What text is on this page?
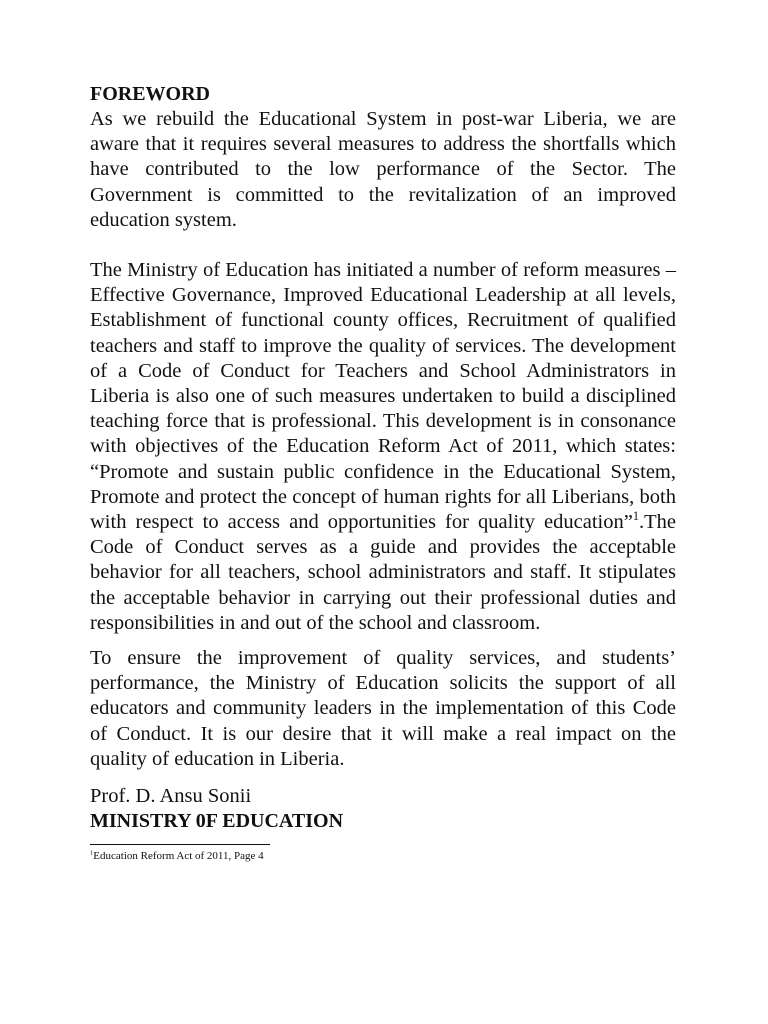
FOREWORD

As we rebuild the Educational System in post-war Liberia, we are aware that it requires several measures to address the shortfalls which have contributed to the low performance of the Sector. The Government is committed to the revitalization of an improved education system.

The Ministry of Education has initiated a number of reform measures – Effective Governance, Improved Educational Leadership at all levels, Establishment of functional county offices, Recruitment of qualified teachers and staff to improve the quality of services. The development of a Code of Conduct for Teachers and School Administrators in Liberia is also one of such measures undertaken to build a disciplined teaching force that is professional. This development is in consonance with objectives of the Education Reform Act of 2011, which states: “Promote and sustain public confidence in the Educational System, Promote and protect the concept of human rights for all Liberians, both with respect to access and opportunities for quality education”$^1$.The Code of Conduct serves as a guide and provides the acceptable behavior for all teachers, school administrators and staff. It stipulates the acceptable behavior in carrying out their professional duties and responsibilities in and out of the school and classroom.

To ensure the improvement of quality services, and students’ performance, the Ministry of Education solicits the support of all educators and community leaders in the implementation of this Code of Conduct. It is our desire that it will make a real impact on the quality of education in Liberia.

Prof. D. Ansu Sonii

MINISTRY 0F EDUCATION

$^1$Education Reform Act of 2011, Page 4
